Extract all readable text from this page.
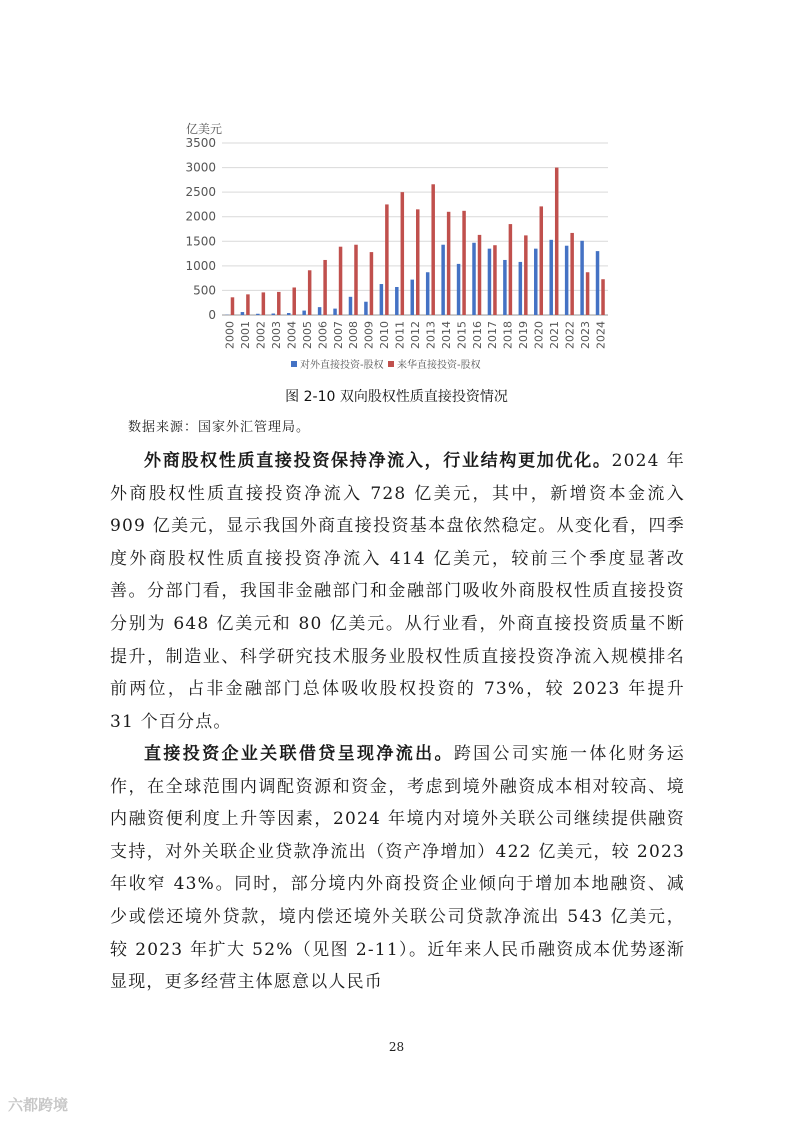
亿美元
0
500
1000
1500
2000
2500
3000
3500
2000 2001 2002 2003 2004 2005 2006 2007 2008 2009 2010 2011 2012 2013 2014 2015 2016 2017 2018 2019 2020 2021 2022 2023 2024
对外直接投资-股权 来华直接投资-股权
图 2-10 双向股权性质直接投资情况
数据来源：国家外汇管理局。

外商股权性质直接投资保持净流入，行业结构更加优化。2024 年外商股权性质直接投资净流入 728 亿美元，其中，新增资本金流入 909 亿美元，显示我国外商直接投资基本盘依然稳定。从变化看，四季度外商股权性质直接投资净流入 414 亿美元，较前三个季度显著改善。分部门看，我国非金融部门和金融部门吸收外商股权性质直接投资分别为 648 亿美元和 80 亿美元。从行业看，外商直接投资质量不断提升，制造业、科学研究技术服务业股权性质直接投资净流入规模排名前两位，占非金融部门总体吸收股权投资的 73%，较 2023 年提升 31 个百分点。

直接投资企业关联借贷呈现净流出。跨国公司实施一体化财务运作，在全球范围内调配资源和资金，考虑到境外融资成本相对较高、境内融资便利度上升等因素，2024 年境内对境外关联公司继续提供融资支持，对外关联企业贷款净流出（资产净增加）422 亿美元，较 2023 年收窄 43%。同时，部分境内外商投资企业倾向于增加本地融资、减少或偿还境外贷款，境内偿还境外关联公司贷款净流出 543 亿美元，较 2023 年扩大 52%（见图 2-11）。近年来人民币融资成本优势逐渐显现，更多经营主体愿意以人民币

28
六都跨境
